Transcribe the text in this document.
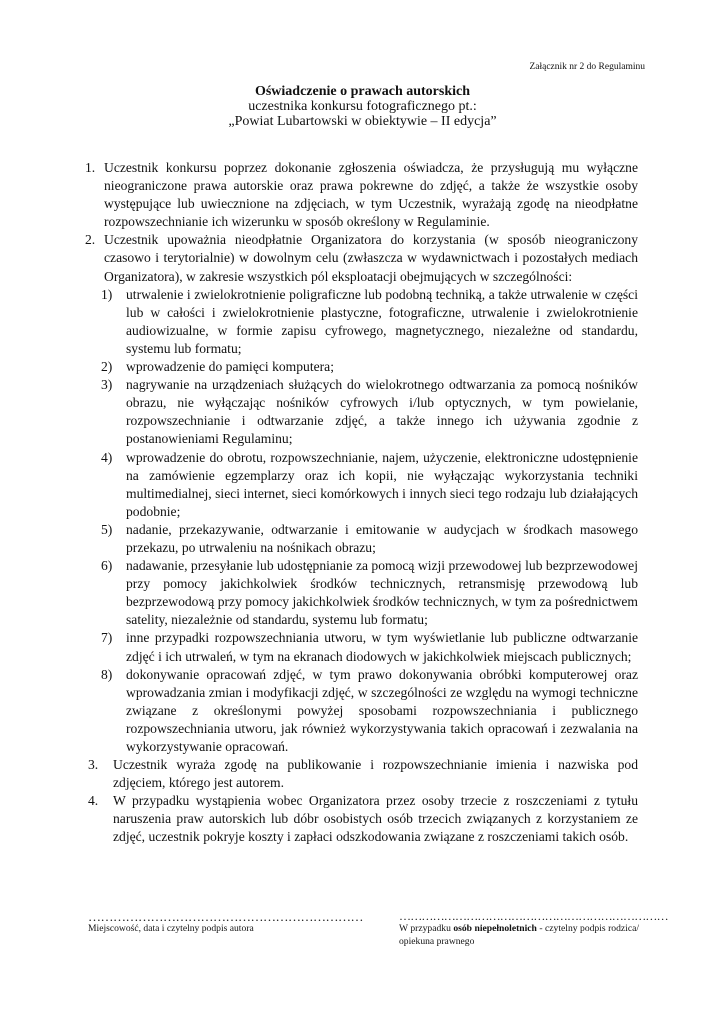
Załącznik nr 2 do Regulaminu
Oświadczenie o prawach autorskich
uczestnika konkursu fotograficznego pt.:
„Powiat Lubartowski w obiektywie – II edycja”
1. Uczestnik konkursu poprzez dokonanie zgłoszenia oświadcza, że przysługują mu wyłączne nieograniczone prawa autorskie oraz prawa pokrewne do zdjęć, a także że wszystkie osoby występujące lub uwiecznione na zdjęciach, w tym Uczestnik, wyrażają zgodę na nieodpłatne rozpowszechnianie ich wizerunku w sposób określony w Regulaminie.
2. Uczestnik upoważnia nieodpłatnie Organizatora do korzystania (w sposób nieograniczony czasowo i terytorialnie) w dowolnym celu (zwłaszcza w wydawnictwach i pozostałych mediach Organizatora), w zakresie wszystkich pól eksploatacji obejmujących w szczególności:
1) utrwalenie i zwielokrotnienie poligraficzne lub podobną techniką, a także utrwalenie w części lub w całości i zwielokrotnienie plastyczne, fotograficzne, utrwalenie i zwielokrotnienie audiowizualne, w formie zapisu cyfrowego, magnetycznego, niezależne od standardu, systemu lub formatu;
2) wprowadzenie do pamięci komputera;
3) nagrywanie na urządzeniach służących do wielokrotnego odtwarzania za pomocą nośników obrazu, nie wyłączając nośników cyfrowych i/lub optycznych, w tym powielanie, rozpowszechnianie i odtwarzanie zdjęć, a także innego ich używania zgodnie z postanowieniami Regulaminu;
4) wprowadzenie do obrotu, rozpowszechnianie, najem, użyczenie, elektroniczne udostępnienie na zamówienie egzemplarzy oraz ich kopii, nie wyłączając wykorzystania techniki multimedialnej, sieci internet, sieci komórkowych i innych sieci tego rodzaju lub działających podobnie;
5) nadanie, przekazywanie, odtwarzanie i emitowanie w audycjach w środkach masowego przekazu, po utrwaleniu na nośnikach obrazu;
6) nadawanie, przesyłanie lub udostępnianie za pomocą wizji przewodowej lub bezprzewodowej przy pomocy jakichkolwiek środków technicznych, retransmisję przewodową lub bezprzewodową przy pomocy jakichkolwiek środków technicznych, w tym za pośrednictwem satelity, niezależnie od standardu, systemu lub formatu;
7) inne przypadki rozpowszechniania utworu, w tym wyświetlanie lub publiczne odtwarzanie zdjęć i ich utrwaleń, w tym na ekranach diodowych w jakichkolwiek miejscach publicznych;
8) dokonywanie opracowań zdjęć, w tym prawo dokonywania obróbki komputerowej oraz wprowadzania zmian i modyfikacji zdjęć, w szczególności ze względu na wymogi techniczne związane z określonymi powyżej sposobami rozpowszechniania i publicznego rozpowszechniania utworu, jak również wykorzystywania takich opracowań i zezwalania na wykorzystywanie opracowań.
3. Uczestnik wyraża zgodę na publikowanie i rozpowszechnianie imienia i nazwiska pod zdjęciem, którego jest autorem.
4. W przypadku wystąpienia wobec Organizatora przez osoby trzecie z roszczeniami z tytułu naruszenia praw autorskich lub dóbr osobistych osób trzecich związanych z korzystaniem ze zdjęć, uczestnik pokryje koszty i zapłaci odszkodowania związane z roszczeniami takich osób.
…………………………………………………………
Miejscowość, data i czytelny podpis autora
………………………………………………………………
W przypadku osób niepełnoletnich - czytelny podpis rodzica/ opiekuna prawnego
